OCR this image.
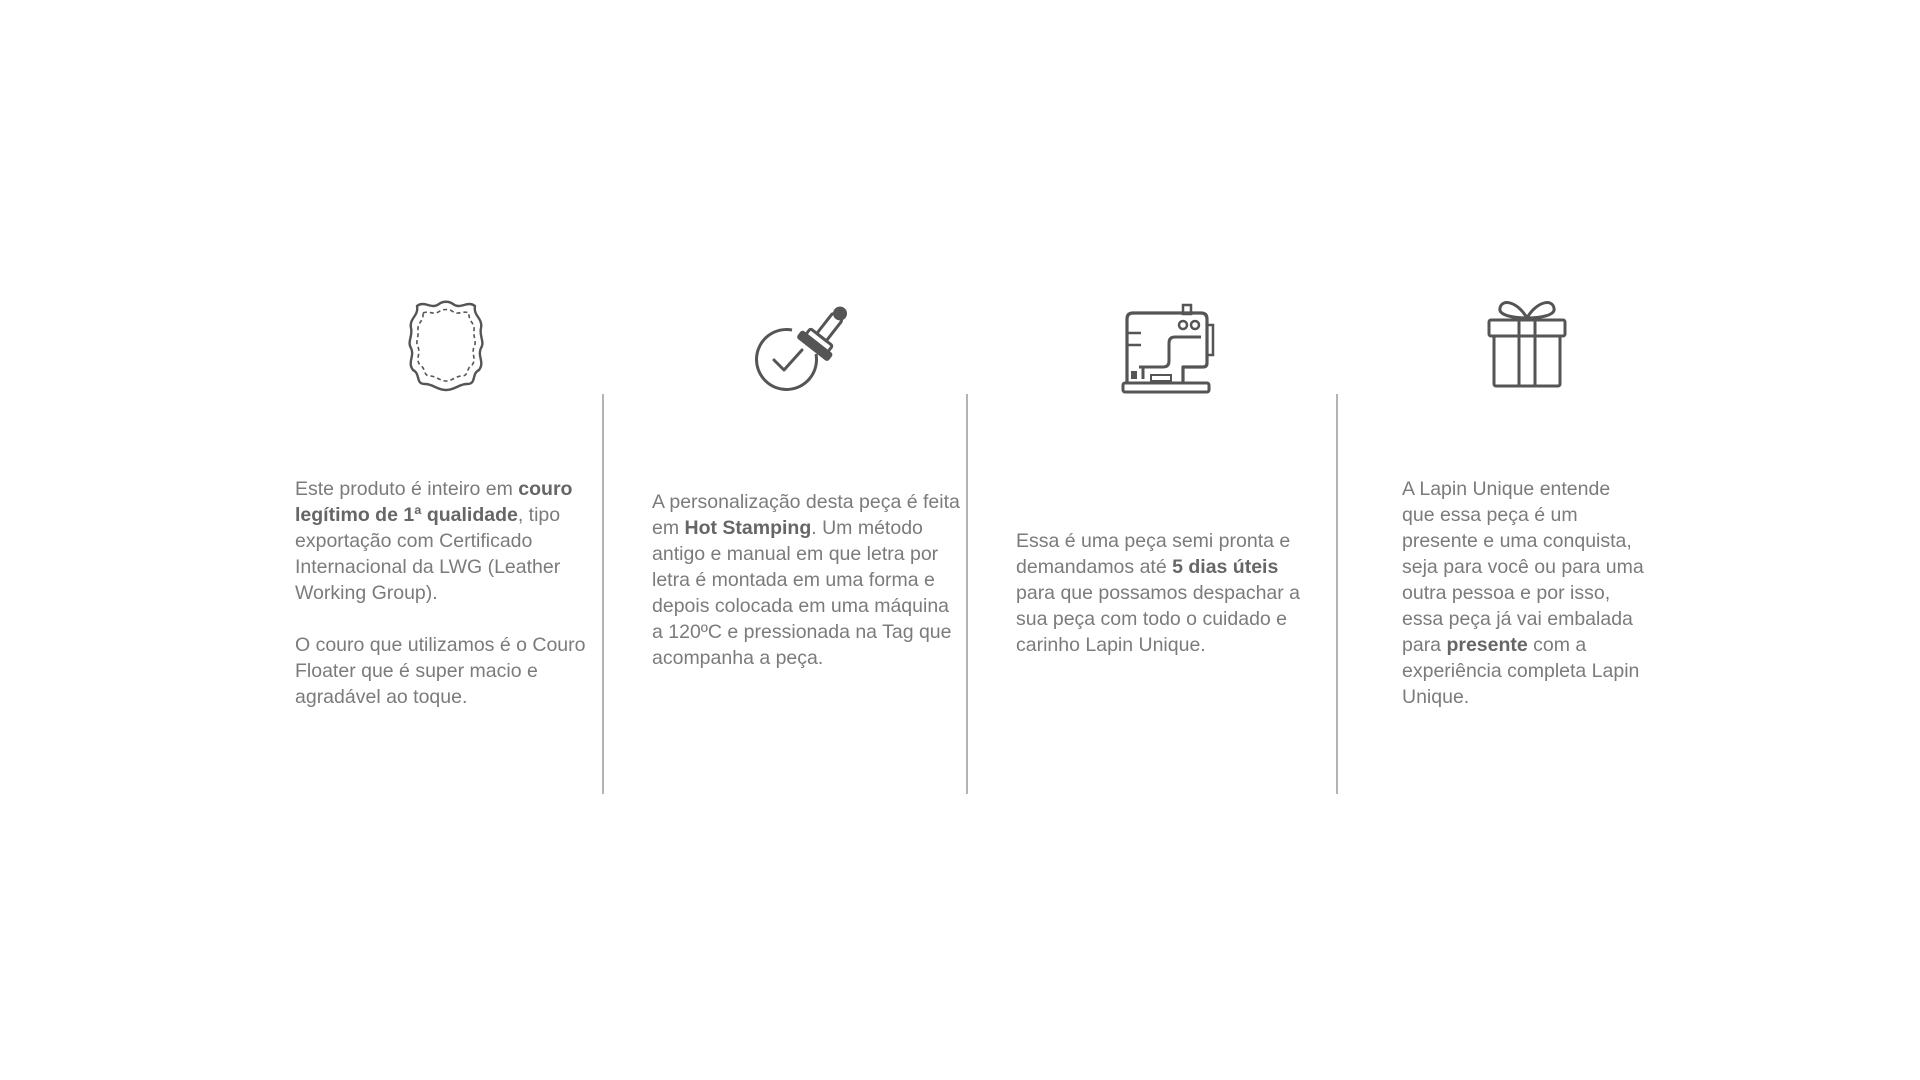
Este produto é inteiro em couro legítimo de 1ª qualidade, tipo exportação com Certificado Internacional da LWG (Leather Working Group).

O couro que utilizamos é o Couro Floater que é super macio e agradável ao toque.

A personalização desta peça é feita em Hot Stamping. Um método antigo e manual em que letra por letra é montada em uma forma e depois colocada em uma máquina a 120ºC e pressionada na Tag que acompanha a peça.

Essa é uma peça semi pronta e demandamos até 5 dias úteis para que possamos despachar a sua peça com todo o cuidado e carinho Lapin Unique.

A Lapin Unique entende que essa peça é um presente e uma conquista, seja para você ou para uma outra pessoa e por isso, essa peça já vai embalada para presente com a experiência completa Lapin Unique.
